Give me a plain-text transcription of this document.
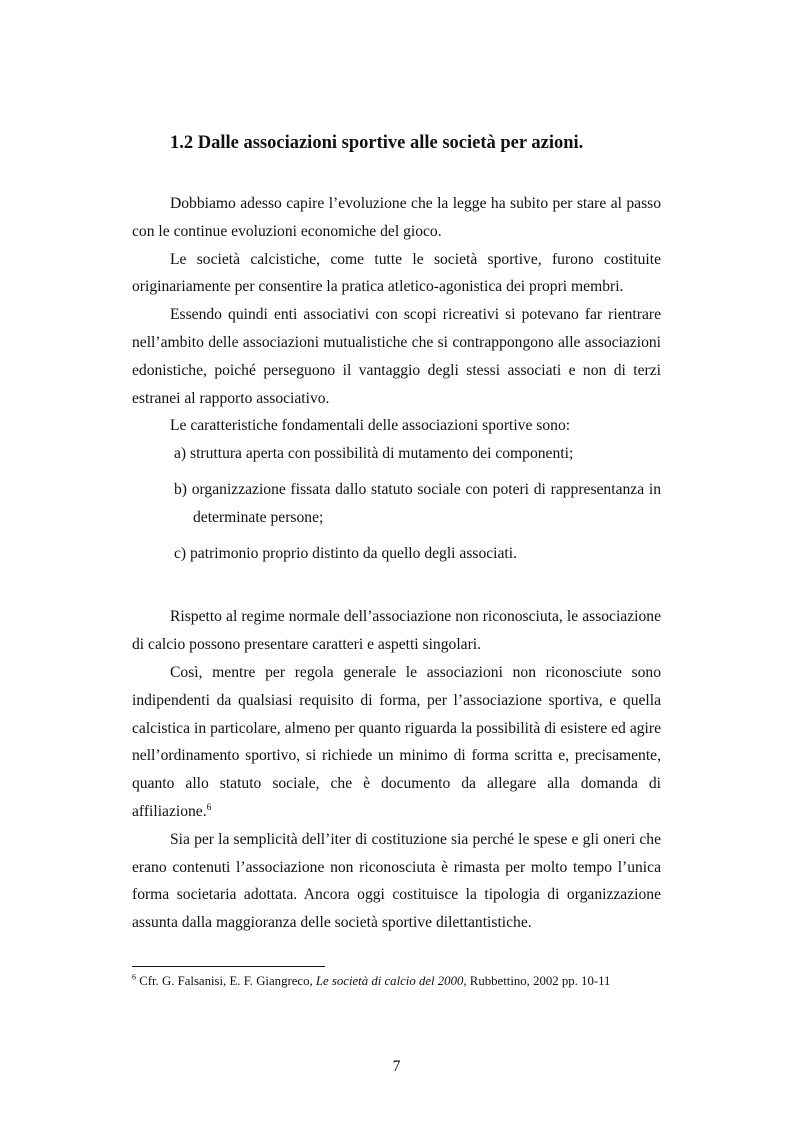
1.2 Dalle associazioni sportive alle società per azioni.

Dobbiamo adesso capire l’evoluzione che la legge ha subito per stare al passo con le continue evoluzioni economiche del gioco.

Le società calcistiche, come tutte le società sportive, furono costituite originariamente per consentire la pratica atletico-agonistica dei propri membri.

Essendo quindi enti associativi con scopi ricreativi si potevano far rientrare nell’ambito delle associazioni mutualistiche che si contrappongono alle associazioni edonistiche, poiché perseguono il vantaggio degli stessi associati e non di terzi estranei al rapporto associativo.

Le caratteristiche fondamentali delle associazioni sportive sono:

a) struttura aperta con possibilità di mutamento dei componenti;

b) organizzazione fissata dallo statuto sociale con poteri di rappresentanza in determinate persone;

c) patrimonio proprio distinto da quello degli associati.

Rispetto al regime normale dell’associazione non riconosciuta, le associazione di calcio possono presentare caratteri e aspetti singolari.

Così, mentre per regola generale le associazioni non riconosciute sono indipendenti da qualsiasi requisito di forma, per l’associazione sportiva, e quella calcistica in particolare, almeno per quanto riguarda la possibilità di esistere ed agire nell’ordinamento sportivo, si richiede un minimo di forma scritta e, precisamente, quanto allo statuto sociale, che è documento da allegare alla domanda di affiliazione.$^6$

Sia per la semplicità dell’iter di costituzione sia perché le spese e gli oneri che erano contenuti l’associazione non riconosciuta è rimasta per molto tempo l’unica forma societaria adottata. Ancora oggi costituisce la tipologia di organizzazione assunta dalla maggioranza delle società sportive dilettantistiche.

$^6$ Cfr. G. Falsanisi, E. F. Giangreco, Le società di calcio del 2000, Rubbettino, 2002 pp. 10-11

7
